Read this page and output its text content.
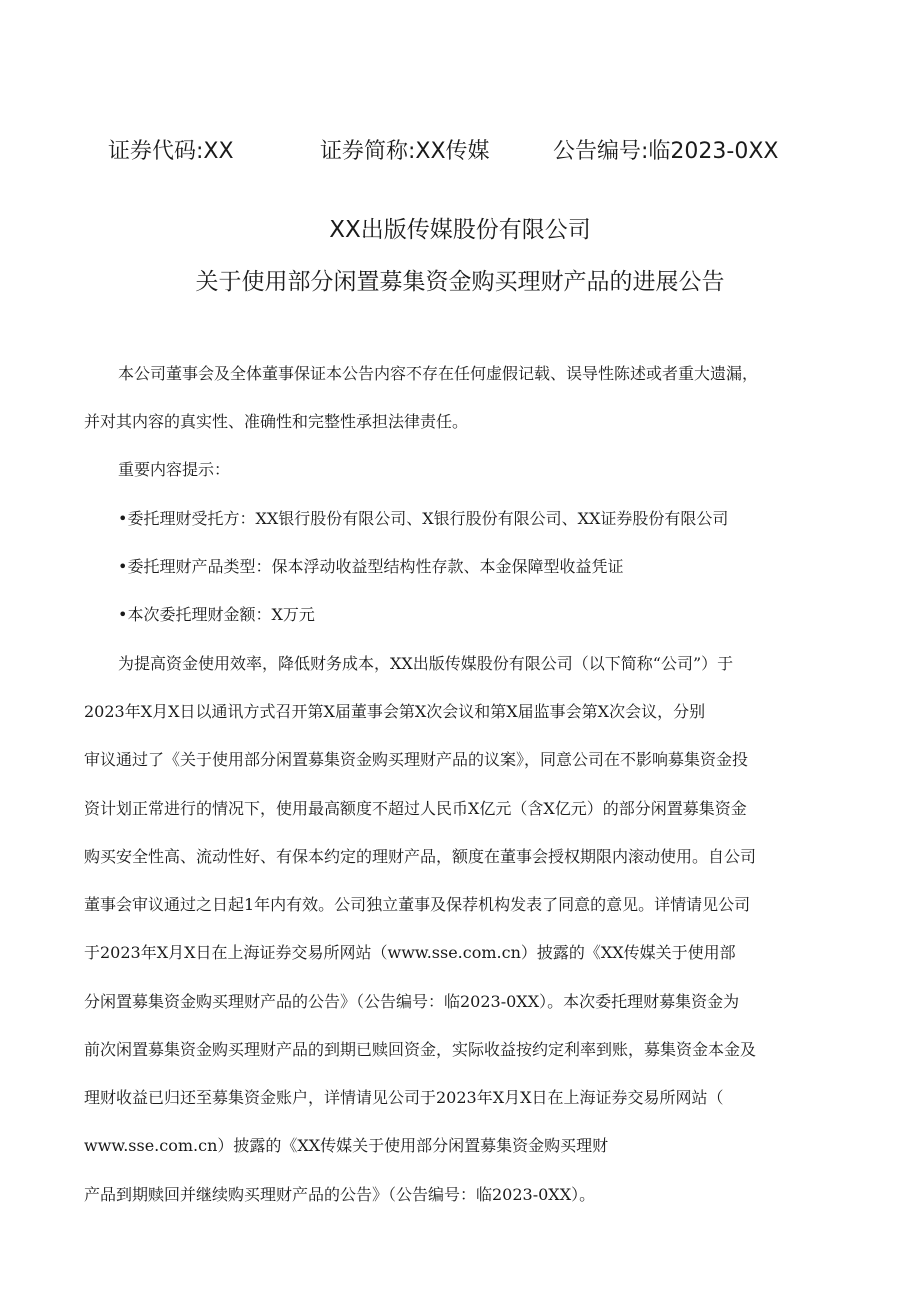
证券代码:XX	证券简称:XX传媒	公告编号:临2023-0XX
XX出版传媒股份有限公司
关于使用部分闲置募集资金购买理财产品的进展公告
本公司董事会及全体董事保证本公告内容不存在任何虚假记载、误导性陈述或者重大遗漏，
并对其内容的真实性、准确性和完整性承担法律责任。
重要内容提示：
•委托理财受托方：XX银行股份有限公司、X银行股份有限公司、XX证券股份有限公司
•委托理财产品类型：保本浮动收益型结构性存款、本金保障型收益凭证
•本次委托理财金额：X万元
为提高资金使用效率，降低财务成本，XX出版传媒股份有限公司（以下简称“公司”）于
2023年X月X日以通讯方式召开第X届董事会第X次会议和第X届监事会第X次会议，分别
审议通过了《关于使用部分闲置募集资金购买理财产品的议案》，同意公司在不影响募集资金投
资计划正常进行的情况下，使用最高额度不超过人民币X亿元（含X亿元）的部分闲置募集资金
购买安全性高、流动性好、有保本约定的理财产品，额度在董事会授权期限内滚动使用。自公司
董事会审议通过之日起1年内有效。公司独立董事及保荐机构发表了同意的意见。详情请见公司
于2023年X月X日在上海证券交易所网站（www.sse.com.cn）披露的《XX传媒关于使用部
分闲置募集资金购买理财产品的公告》（公告编号：临2023-0XX）。本次委托理财募集资金为
前次闲置募集资金购买理财产品的到期已赎回资金，实际收益按约定利率到账，募集资金本金及
理财收益已归还至募集资金账户，详情请见公司于2023年X月X日在上海证券交易所网站（
www.sse.com.cn）披露的《XX传媒关于使用部分闲置募集资金购买理财
产品到期赎回并继续购买理财产品的公告》（公告编号：临2023-0XX）。
